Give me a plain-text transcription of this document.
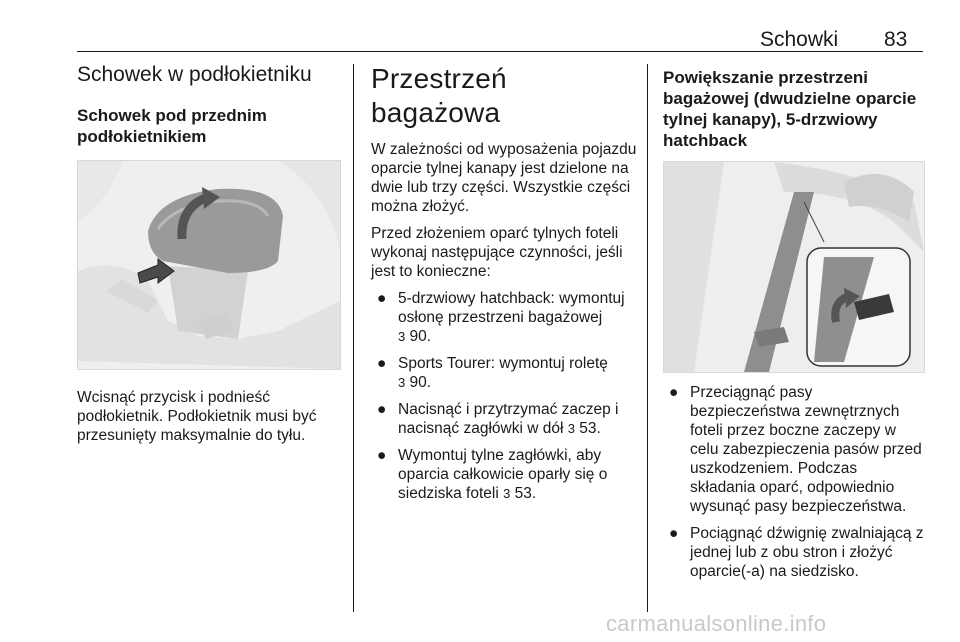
Schowki 83
Schowek w podłokietniku
Schowek pod przednim podłokietnikiem

Wcisnąć przycisk i podnieść podłokietnik. Podłokietnik musi być przesunięty maksymalnie do tyłu.

Przestrzeń bagażowa

W zależności od wyposażenia pojazdu oparcie tylnej kanapy jest dzielone na dwie lub trzy części. Wszystkie części można złożyć.

Przed złożeniem oparć tylnych foteli wykonaj następujące czynności, jeśli jest to konieczne:

● 5-drzwiowy hatchback: wymontuj osłonę przestrzeni bagażowej
3 90.
● Sports Tourer: wymontuj roletę
3 90.
● Nacisnąć i przytrzymać zaczep i nacisnąć zagłówki w dół 3 53.
● Wymontuj tylne zagłówki, aby oparcia całkowicie oparły się o siedziska foteli 3 53.
Powiększanie przestrzeni bagażowej (dwudzielne oparcie tylnej kanapy), 5-drzwiowy hatchback
● Przeciągnąć pasy bezpieczeństwa zewnętrznych foteli przez boczne zaczepy w celu zabezpieczenia pasów przed uszkodzeniem. Podczas składania oparć, odpowiednio wysunąć pasy bezpieczeństwa.
● Pociągnąć dźwignię zwalniającą z jednej lub z obu stron i złożyć oparcie(-a) na siedzisko.
carmanualsonline.info
